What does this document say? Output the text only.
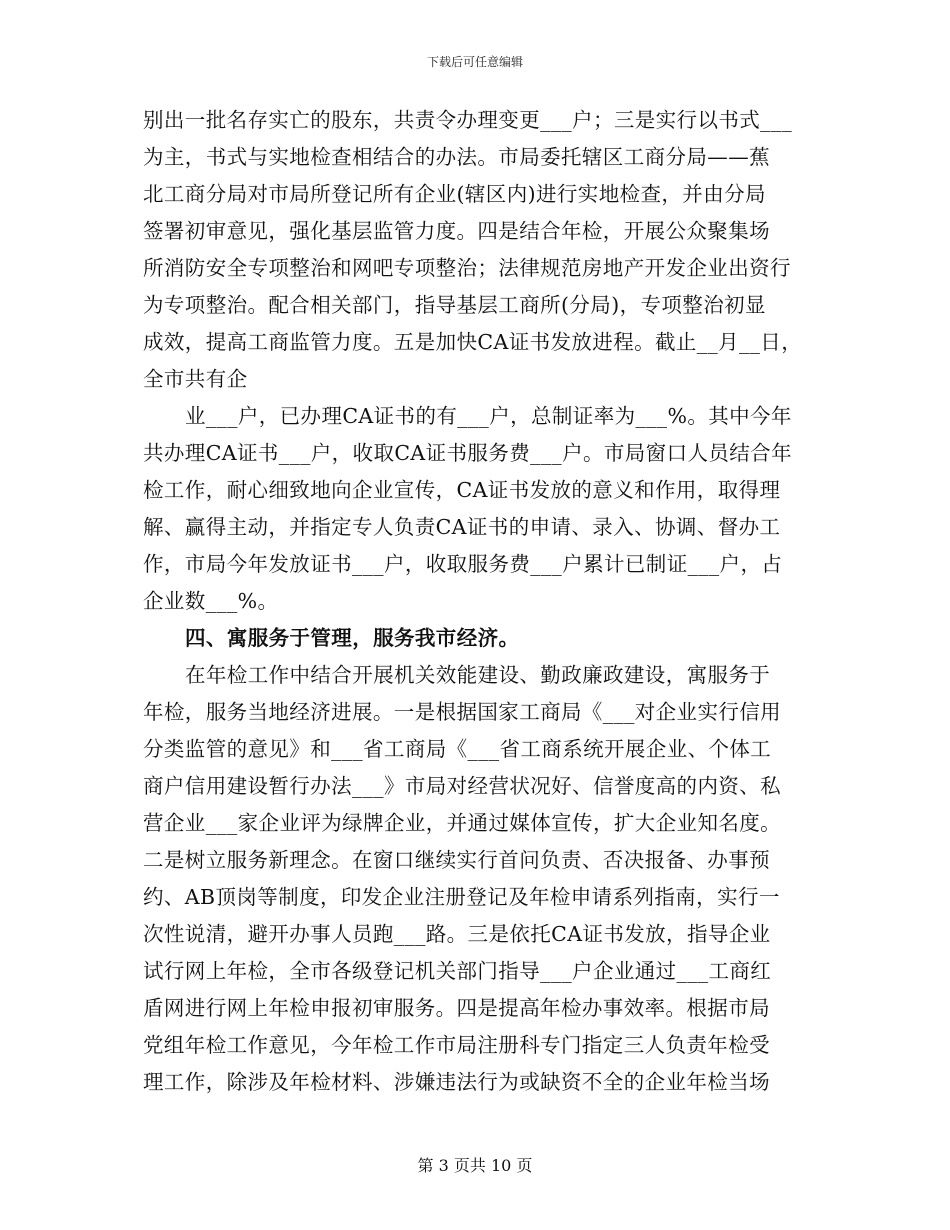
下载后可任意编辑
别出一批名存实亡的股东，共责令办理变更___户；三是实行以书式___
为主，书式与实地检查相结合的办法。市局委托辖区工商分局——蕉
北工商分局对市局所登记所有企业(辖区内)进行实地检查，并由分局
签署初审意见，强化基层监管力度。四是结合年检，开展公众聚集场
所消防安全专项整治和网吧专项整治；法律规范房地产开发企业出资行
为专项整治。配合相关部门，指导基层工商所(分局)，专项整治初显
成效，提高工商监管力度。五是加快CA证书发放进程。截止__月__日，
全市共有企
业___户，已办理CA证书的有___户，总制证率为___%。其中今年
共办理CA证书___户，收取CA证书服务费___户。市局窗口人员结合年
检工作，耐心细致地向企业宣传，CA证书发放的意义和作用，取得理
解、赢得主动，并指定专人负责CA证书的申请、录入、协调、督办工
作，市局今年发放证书___户，收取服务费___户累计已制证___户，占
企业数___%。
四、寓服务于管理，服务我市经济。
在年检工作中结合开展机关效能建设、勤政廉政建设，寓服务于
年检，服务当地经济进展。一是根据国家工商局《___对企业实行信用
分类监管的意见》和___省工商局《___省工商系统开展企业、个体工
商户信用建设暂行办法___》市局对经营状况好、信誉度高的内资、私
营企业___家企业评为绿牌企业，并通过媒体宣传，扩大企业知名度。
二是树立服务新理念。在窗口继续实行首问负责、否决报备、办事预
约、AB顶岗等制度，印发企业注册登记及年检申请系列指南，实行一
次性说清，避开办事人员跑___路。三是依托CA证书发放，指导企业
试行网上年检，全市各级登记机关部门指导___户企业通过___工商红
盾网进行网上年检申报初审服务。四是提高年检办事效率。根据市局
党组年检工作意见，今年检工作市局注册科专门指定三人负责年检受
理工作，除涉及年检材料、涉嫌违法行为或缺资不全的企业年检当场
第 3 页共 10 页
